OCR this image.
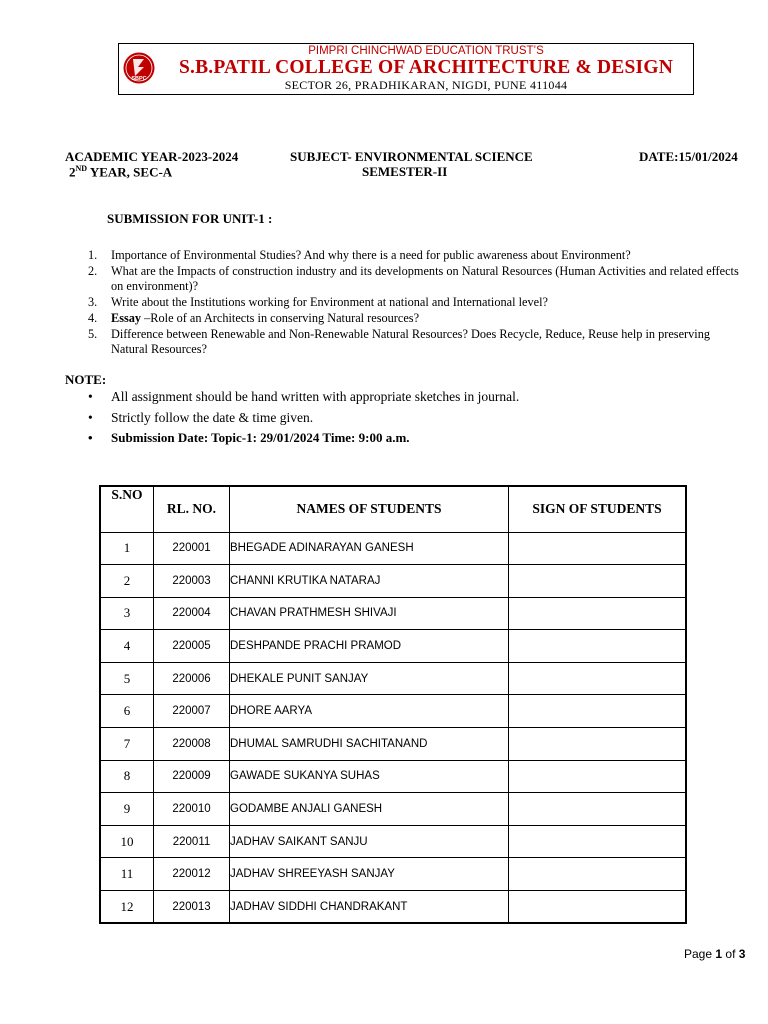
SBPC
PIMPRI CHINCHWAD EDUCATION TRUST’S
S.B.PATIL COLLEGE OF ARCHITECTURE & DESIGN
SECTOR 26, PRADHIKARAN, NIGDI, PUNE 411044
ACADEMIC YEAR-2023-2024
2ND YEAR, SEC-A
SUBJECT- ENVIRONMENTAL SCIENCE
SEMESTER-II
DATE:15/01/2024
SUBMISSION FOR UNIT-1 :
1. Importance of Environmental Studies? And why there is a need for public awareness about Environment?
2. What are the Impacts of construction industry and its developments on Natural Resources (Human Activities and related effects on environment)?
3. Write about the Institutions working for Environment at national and International level?
4. Essay –Role of an Architects in conserving Natural resources?
5. Difference between Renewable and Non-Renewable Natural Resources? Does Recycle, Reduce, Reuse help in preserving Natural Resources?
NOTE:
• All assignment should be hand written with appropriate sketches in journal.
• Strictly follow the date & time given.
• Submission Date: Topic-1: 29/01/2024 Time: 9:00 a.m.
S.NO	RL. NO.	NAMES OF STUDENTS	SIGN OF STUDENTS
1	220001	BHEGADE ADINARAYAN GANESH	
2	220003	CHANNI KRUTIKA NATARAJ	
3	220004	CHAVAN PRATHMESH SHIVAJI	
4	220005	DESHPANDE PRACHI PRAMOD	
5	220006	DHEKALE PUNIT SANJAY	
6	220007	DHORE AARYA	
7	220008	DHUMAL SAMRUDHI SACHITANAND	
8	220009	GAWADE SUKANYA SUHAS	
9	220010	GODAMBE ANJALI GANESH	
10	220011	JADHAV SAIKANT SANJU	
11	220012	JADHAV SHREEYASH SANJAY	
12	220013	JADHAV SIDDHI CHANDRAKANT	
Page 1 of 3
